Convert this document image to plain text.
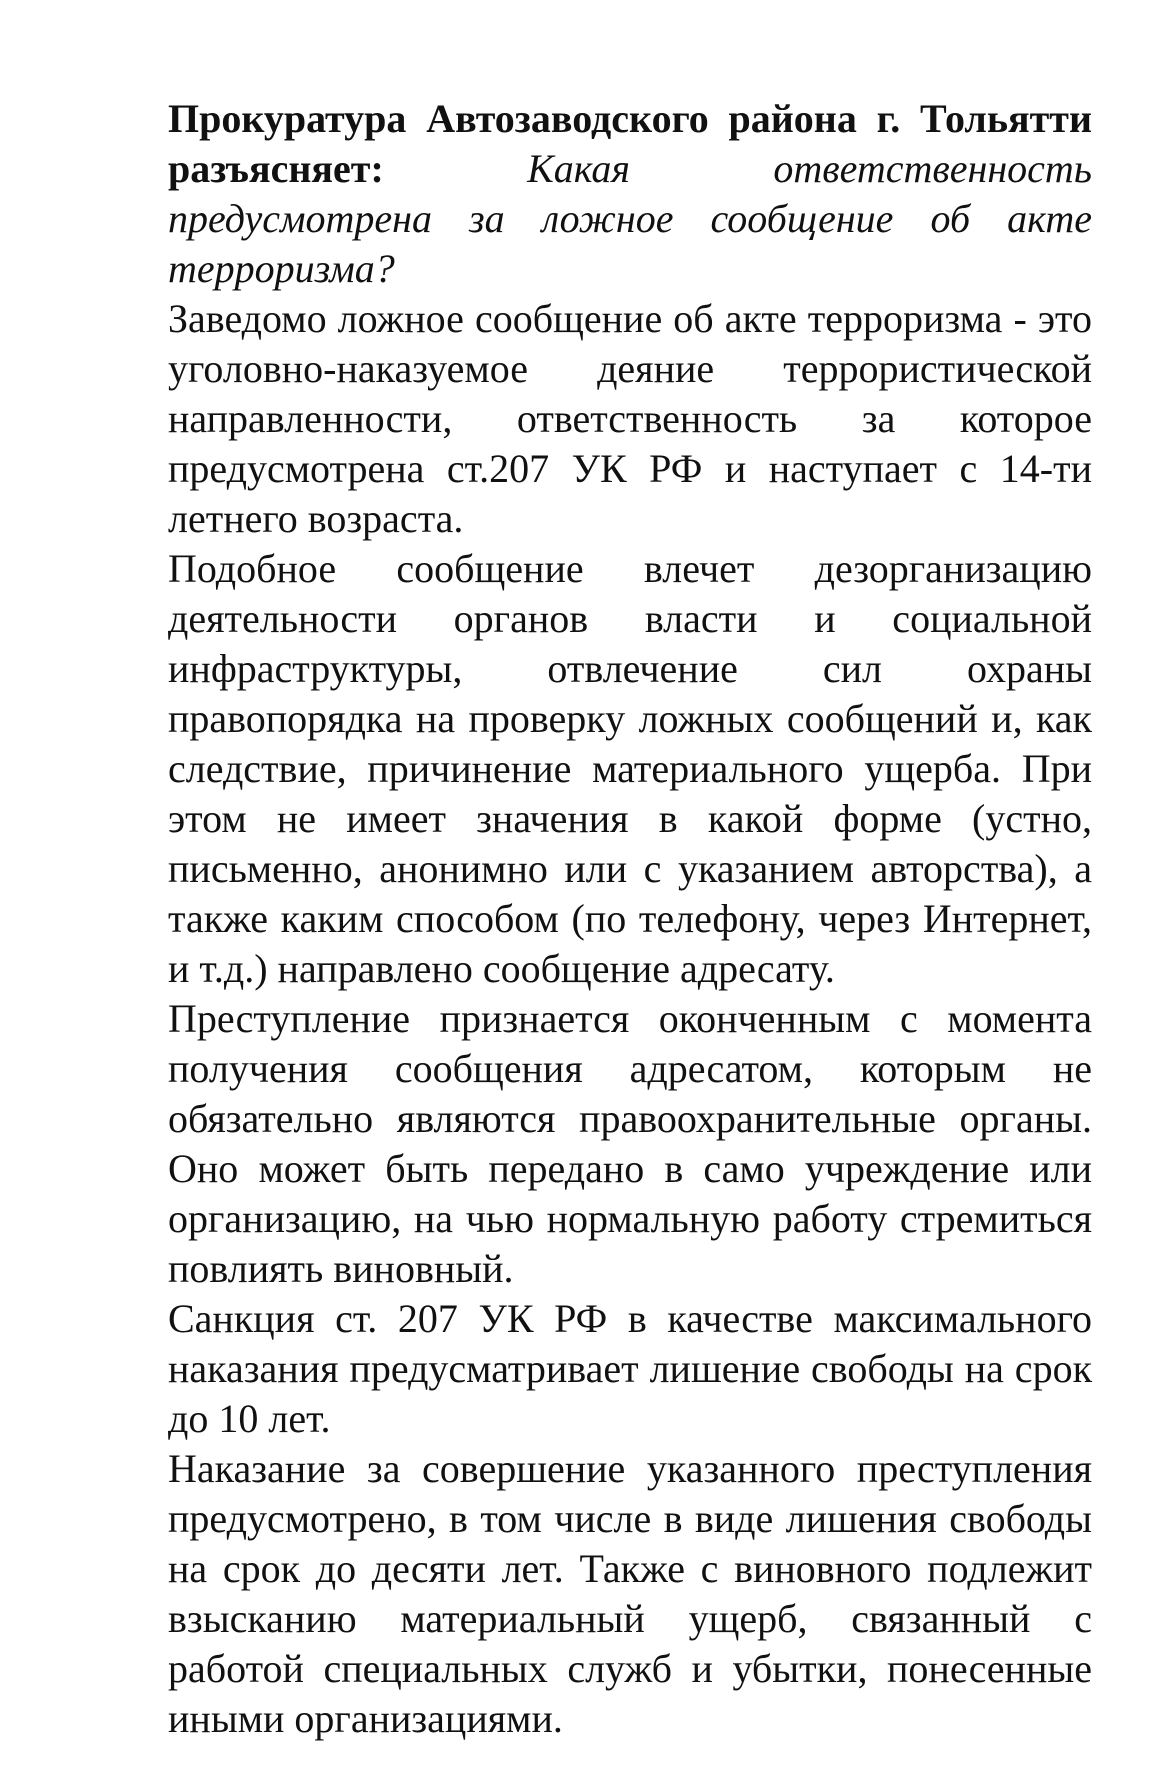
Прокуратура Автозаводского района г. Тольятти разъясняет:	Какая ответственность предусмотрена за ложное сообщение об акте терроризма?

Заведомо ложное сообщение об акте терроризма - это уголовно-наказуемое деяние террористической направленности, ответственность за которое предусмотрена ст.207 УК РФ и наступает с 14-ти летнего возраста.

Подобное сообщение влечет дезорганизацию деятельности органов власти и социальной инфраструктуры, отвлечение сил охраны правопорядка на проверку ложных сообщений и, как следствие, причинение материального ущерба. При этом не имеет значения в какой форме (устно, письменно, анонимно или с указанием авторства), а также каким способом (по телефону, через Интернет, и т.д.) направлено сообщение адресату.

Преступление признается оконченным с момента получения сообщения адресатом, которым не обязательно являются правоохранительные органы. Оно может быть передано в само учреждение или организацию, на чью нормальную работу стремиться повлиять виновный.

Санкция ст. 207 УК РФ в качестве максимального наказания предусматривает лишение свободы на срок до 10 лет.

Наказание за совершение указанного преступления предусмотрено, в том числе в виде лишения свободы на срок до десяти лет. Также с виновного подлежит взысканию материальный ущерб, связанный с работой специальных служб и убытки, понесенные иными организациями.
